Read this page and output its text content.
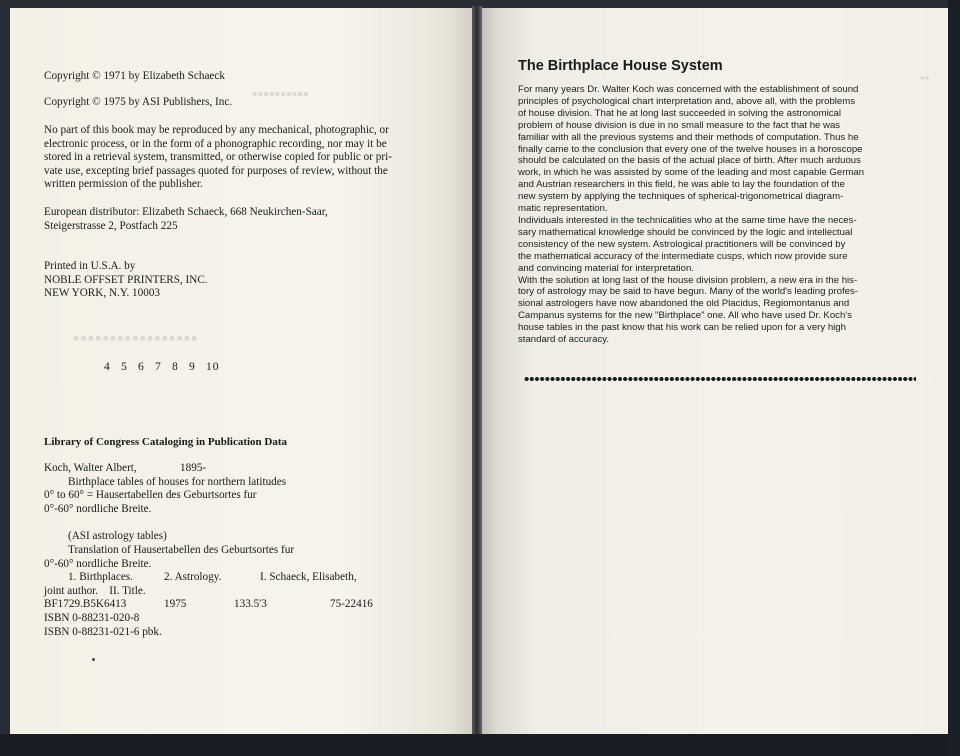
▪▪▪▪▪▪▪▪▪▪
▪▪▪▪▪▪▪▪▪▪▪▪▪▪▪▪▪
▪▪

Copyright © 1971 by Elizabeth Schaeck

Copyright © 1975 by ASI Publishers, Inc.

No part of this book may be reproduced by any mechanical, photographic, or

electronic process, or in the form of a phonographic recording, nor may it be

stored in a retrieval system, transmitted, or otherwise copied for public or pri-

vate use, excepting brief passages quoted for purposes of review, without the

written permission of the publisher.

European distributor: Elizabeth Schaeck, 668 Neukirchen-Saar,

Steigerstrasse 2, Postfach 225

Printed in U.S.A. by

NOBLE OFFSET PRINTERS, INC.

NEW YORK, N.Y. 10003

4 5 6 7 8 9 10
Library of Congress Cataloging in Publication Data

Koch, Walter Albert,	1895-

Birthplace tables of houses for northern latitudes

0° to 60° = Hausertabellen des Geburtsortes fur

0°-60° nordliche Breite.

(ASI astrology tables)

Translation of Hausertabellen des Geburtsortes fur

0°-60° nordliche Breite.

1. Birthplaces.	2. Astrology.	I. Schaeck, Elisabeth,

joint author.    II. Title.

BF1729.B5K6413	1975	133.5'3	75-22416

ISBN 0-88231-020-8

ISBN 0-88231-021-6 pbk.

The Birthplace House System

For many years Dr. Walter Koch was concerned with the establishment of sound

principles of psychological chart interpretation and, above all, with the problems

of house division. That he at long last succeeded in solving the astronomical

problem of house division is due in no small measure to the fact that he was

familiar with all the previous systems and their methods of computation. Thus he

finally came to the conclusion that every one of the twelve houses in a horoscope

should be calculated on the basis of the actual place of birth. After much arduous

work, in which he was assisted by some of the leading and most capable German

and Austrian researchers in this field, he was able to lay the foundation of the

new system by applying the techniques of spherical-trigonometrical diagram-

matic representation.

Individuals interested in the technicalities who at the same time have the neces-

sary mathematical knowledge should be convinced by the logic and intellectual

consistency of the new system. Astrological practitioners will be convinced by

the mathematical accuracy of the intermediate cusps, which now provide sure

and convincing material for interpretation.

With the solution at long last of the house division problem, a new era in the his-

tory of astrology may be said to have begun. Many of the world's leading profes-

sional astrologers have now abandoned the old Placidus, Regiomontanus and

Campanus systems for the new "Birthplace" one. All who have used Dr. Koch's

house tables in the past know that his work can be relied upon for a very high

standard of accuracy.
